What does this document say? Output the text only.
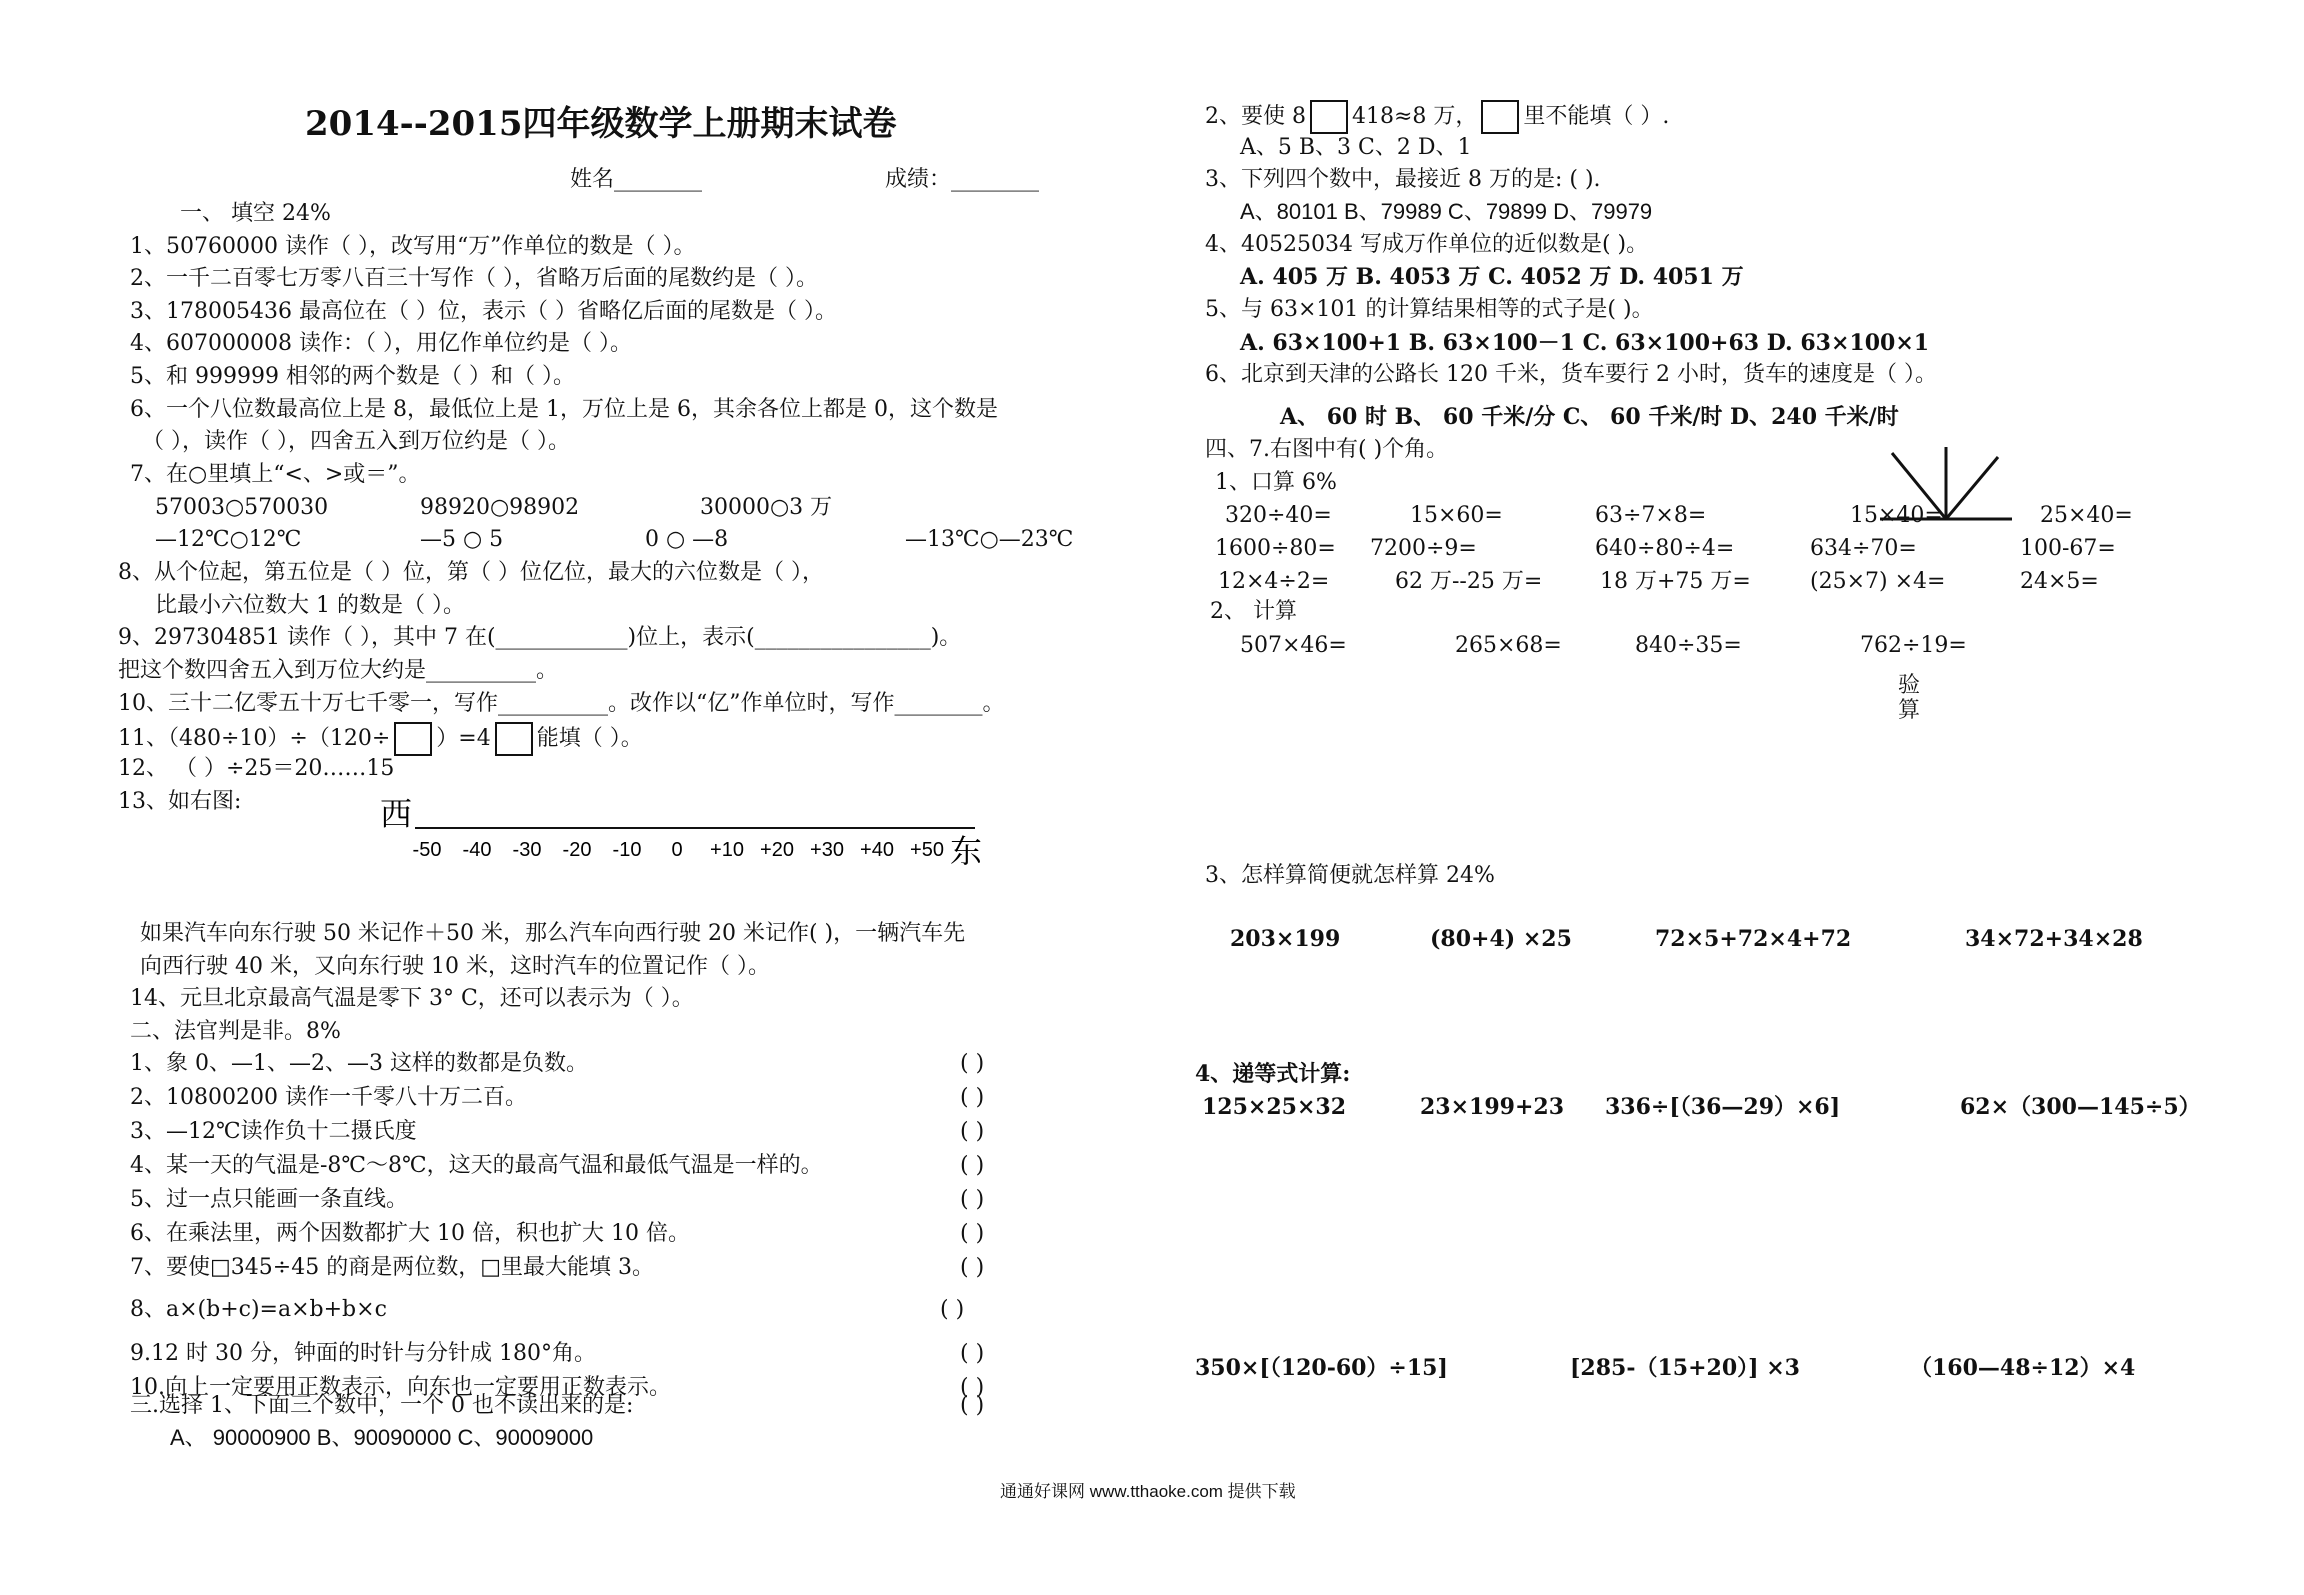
2014--2015四年级数学上册期末试卷
姓名________	成绩：________
一、 填空 24%
1、50760000 读作（ ），改写用“万”作单位的数是（ ）。
2、一千二百零七万零八百三十写作（ ），省略万后面的尾数约是（ ）。
3、178005436 最高位在（ ）位，表示（ ）省略亿后面的尾数是（ ）。
4、607000008 读作：（ ），用亿作单位约是（ ）。
5、和 999999 相邻的两个数是（ ）和（ ）。
6、一个八位数最高位上是 8，最低位上是 1，万位上是 6，其余各位上都是 0，这个数是
（ ），读作（ ），四舍五入到万位约是（ ）。
7、在○里填上“<、>或＝”。
57003○570030	98920○98902	30000○3 万
—12℃○12℃	—5 ○ 5	0 ○ —8	—13℃○—23℃
8、从个位起，第五位是（ ）位，第（ ）位亿位，最大的六位数是（ ），
比最小六位数大 1 的数是（ ）。
9、297304851 读作（ ），其中 7 在(____________)位上，表示(________________)。
把这个数四舍五入到万位大约是__________。
10、三十二亿零五十万七千零一，写作__________。改作以“亿”作单位时，写作________。
11、（480÷10）÷（120÷ ）=4 能填（ ）。
12、 （ ）÷25＝20……15
13、如右图:	西
东
-50 -40 -30 -20 -10 0 +10 +20 +30 +40 +50
如果汽车向东行驶 50 米记作＋50 米，那么汽车向西行驶 20 米记作( )，一辆汽车先
向西行驶 40 米，又向东行驶 10 米，这时汽车的位置记作（ ）。
14、元旦北京最高气温是零下 3° C，还可以表示为（ ）。
二、法官判是非。8%
1、象 0、—1、—2、—3 这样的数都是负数。	( )
2、10800200 读作一千零八十万二百。	( )
3、—12℃读作负十二摄氏度	( )
4、某一天的气温是-8℃～8℃，这天的最高气温和最低气温是一样的。	( )
5、过一点只能画一条直线。	( )
6、在乘法里，两个因数都扩大 10 倍，积也扩大 10 倍。	( )
7、要使□345÷45 的商是两位数，□里最大能填 3。	( )
8、a×(b+c)=a×b+b×c	( )
9.12 时 30 分，钟面的时针与分针成 180°角。	( )
10.向上一定要用正数表示，向东也一定要用正数表示。	( )
三.选择 1、下面三个数中，一个 0 也不读出来的是:	( )
A、 90000900 B、90090000 C、90009000
2、要使 8 418≈8 万， 里不能填（ ）.
A、5 B、3 C、2 D、1
3、下列四个数中，最接近 8 万的是: ( ).
A、80101 B、79989 C、79899 D、79979
4、40525034 写成万作单位的近似数是( )。
A. 405 万 B. 4053 万 C. 4052 万 D. 4051 万
5、与 63×101 的计算结果相等的式子是( )。
A. 63×100+1 B. 63×100－1 C. 63×100+63 D. 63×100×1
6、北京到天津的公路长 120 千米，货车要行 2 小时，货车的速度是（ ）。
A、 60 时 B、 60 千米/分 C、 60 千米/时 D、240 千米/时
四、7.右图中有( )个角。
1、口算 6%
320÷40=	15×60=	63÷7×8=	15×40=	25×40=
1600÷80= 7200÷9=	640÷80÷4=	634÷70=	100-67=
12×4÷2=	62 万--25 万=	18 万+75 万=	(25×7) ×4=	24×5=
2、 计算
507×46=	265×68=	840÷35=	762÷19=
验
算
3、怎样算简便就怎样算 24%
203×199	(80+4) ×25	72×5+72×4+72	34×72+34×28
4、递等式计算:
125×25×32	23×199+23 336÷[（36—29）×6]	62×（300—145÷5）
350×[（120-60）÷15]	[285-（15+20）] ×3	（160—48÷12）×4
通通好课网 www.tthaoke.com 提供下载
